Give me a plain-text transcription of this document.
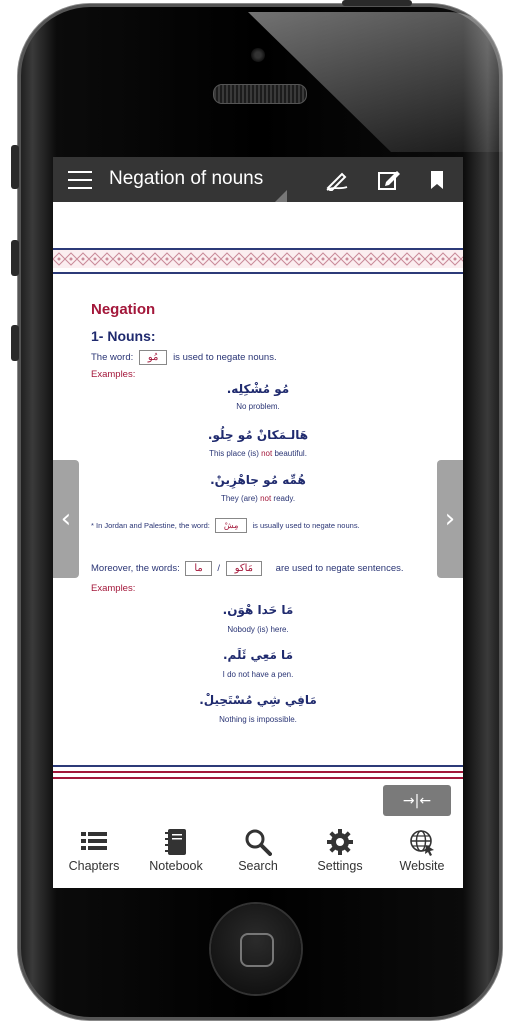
Negation of nouns
Negation
1- Nouns:
The word: مُو is used to negate nouns.
Examples:
مُو مُشْكِلِه.
No problem.
هَالـمَكانْ مُو حِلُو.
This place (is) not beautiful.
هُمِّه مُو جاهْزِينْ.
They (are) not ready.
* In Jordan and Palestine, the word: مِشْ is usually used to negate nouns.
Moreover, the words: ما / مَاكو are used to negate sentences.
Examples:
مَا حَدا هْوَن.
Nobody (is) here.
مَا مَعِي ئَلَم.
I do not have a pen.
مَافِي شِي مُسْتَحِيلْ.
Nothing is impossible.
‹	›
→|←
Chapters	Notebook	Search	Settings	Website
